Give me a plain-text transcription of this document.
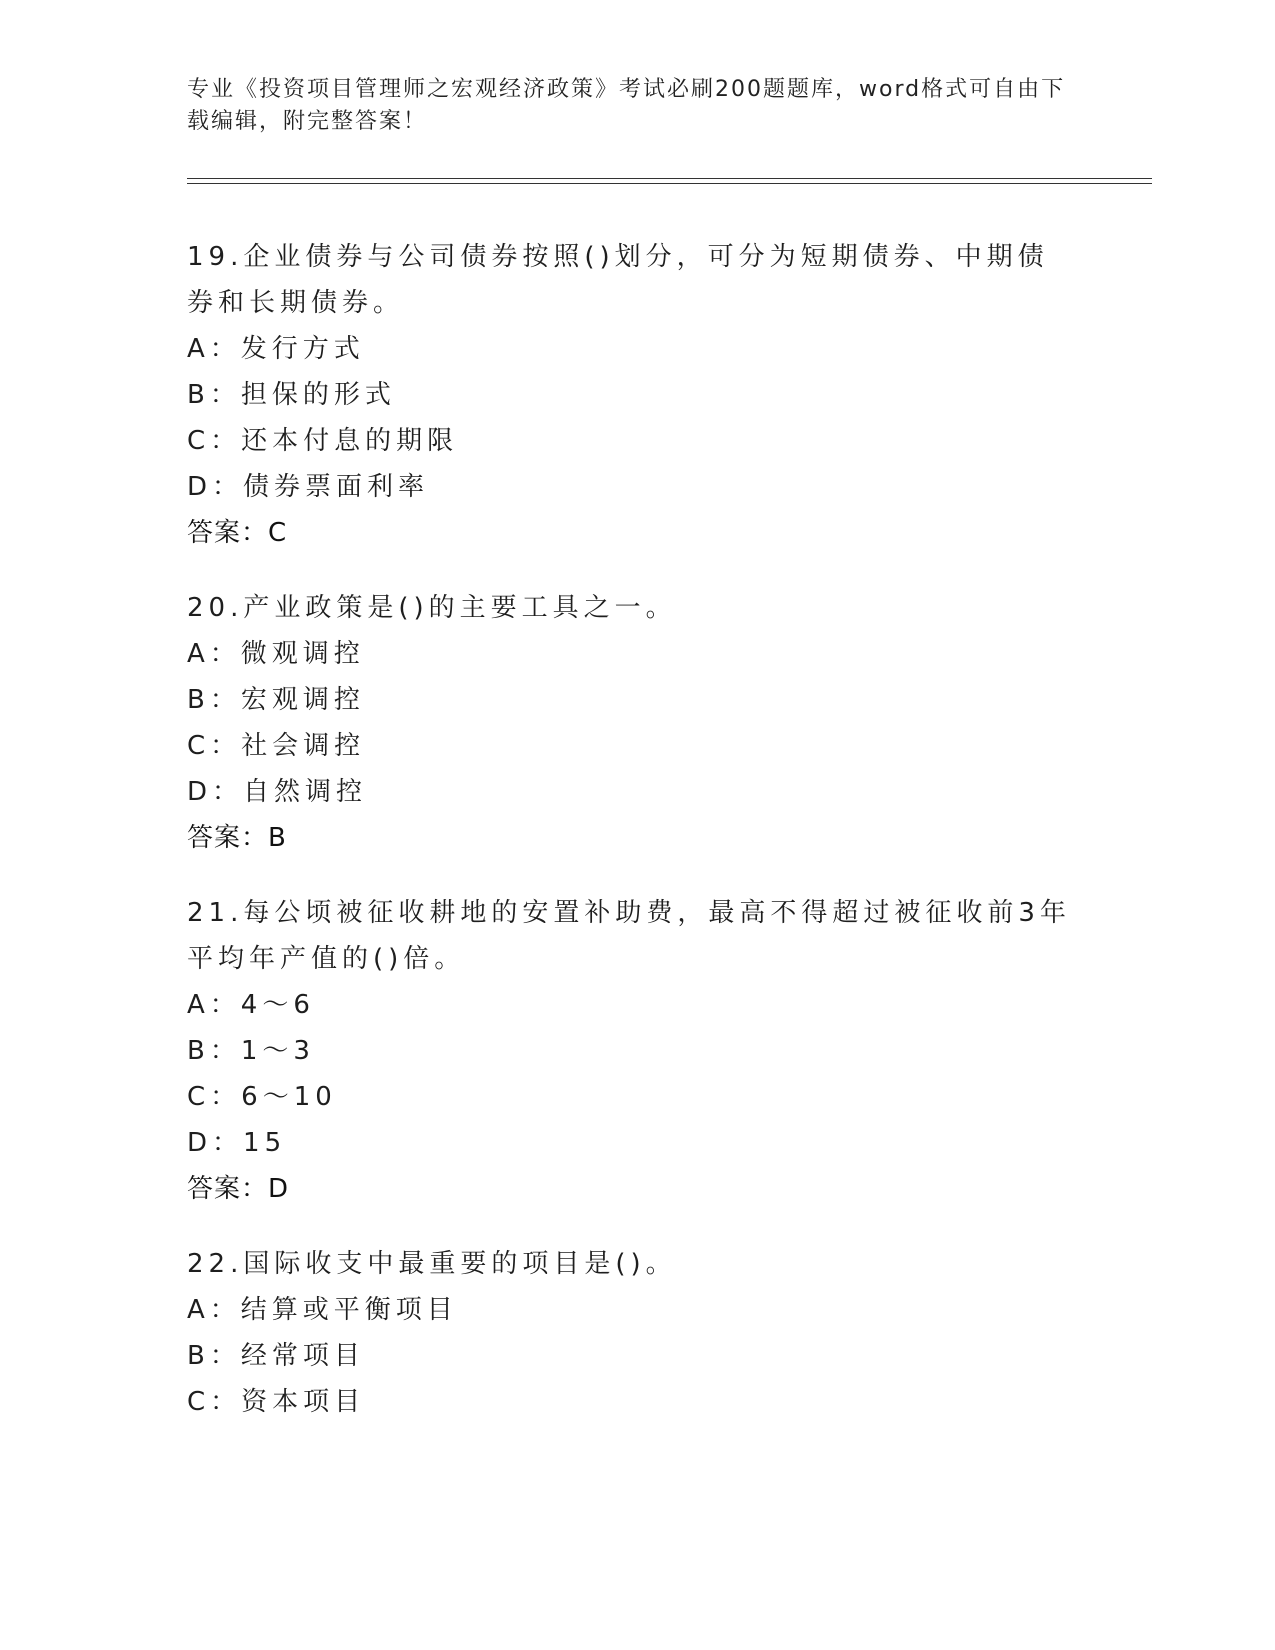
专业《投资项目管理师之宏观经济政策》考试必刷200题题库，word格式可自由下载编辑，附完整答案！
19.企业债券与公司债券按照()划分，可分为短期债券、中期债券和长期债券。
A：发行方式
B：担保的形式
C：还本付息的期限
D：债券票面利率
答案：C
20.产业政策是()的主要工具之一。
A：微观调控
B：宏观调控
C：社会调控
D：自然调控
答案：B
21.每公顷被征收耕地的安置补助费，最高不得超过被征收前3年平均年产值的()倍。
A：4～6
B：1～3
C：6～10
D：15
答案：D
22.国际收支中最重要的项目是()。
A：结算或平衡项目
B：经常项目
C：资本项目
